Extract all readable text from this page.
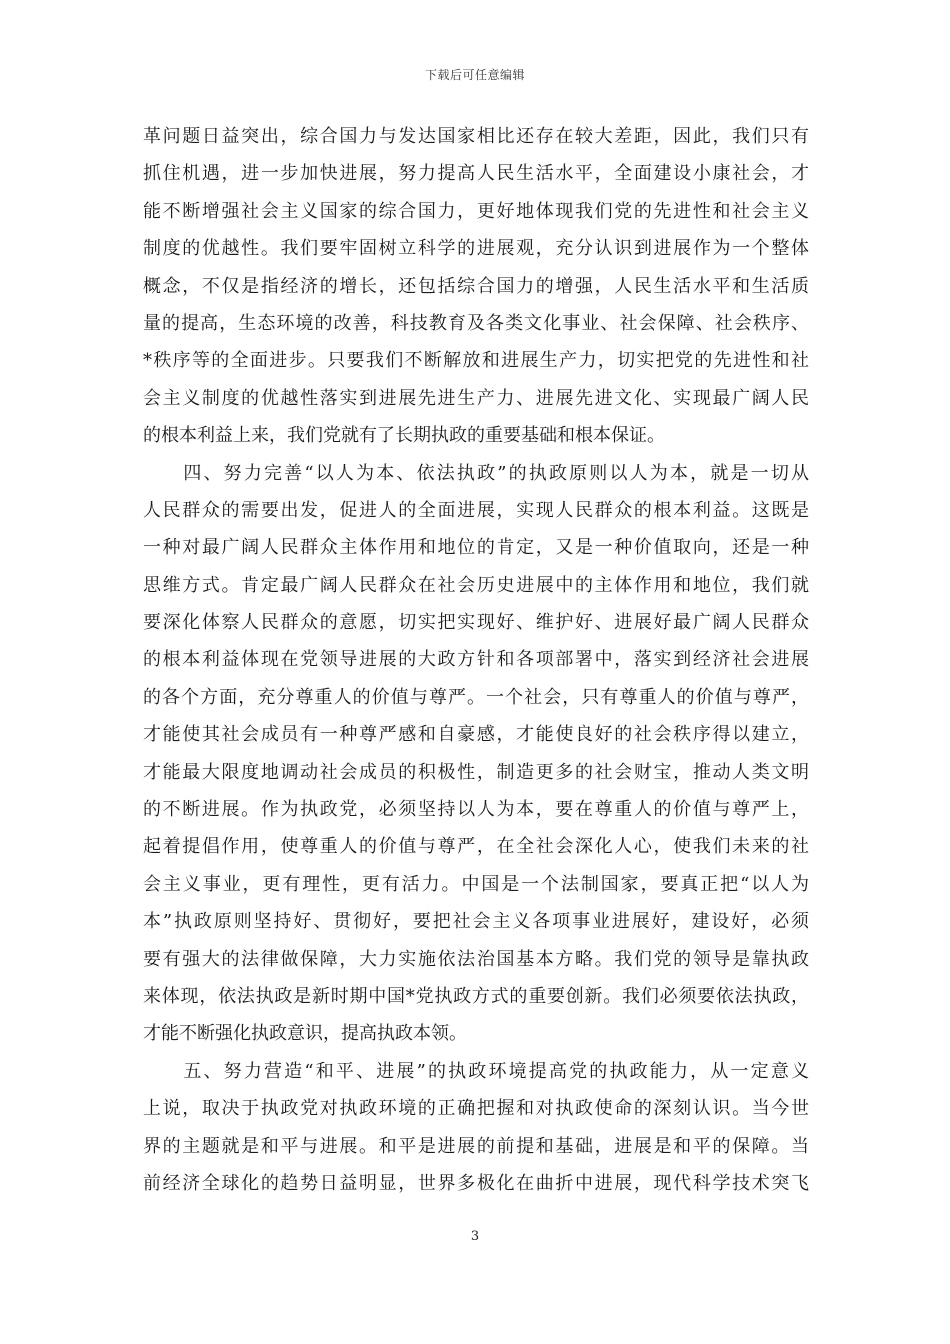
下载后可任意编辑
革问题日益突出，综合国力与发达国家相比还存在较大差距，因此，我们只有
抓住机遇，进一步加快进展，努力提高人民生活水平，全面建设小康社会，才
能不断增强社会主义国家的综合国力，更好地体现我们党的先进性和社会主义
制度的优越性。我们要牢固树立科学的进展观，充分认识到进展作为一个整体
概念，不仅是指经济的增长，还包括综合国力的增强，人民生活水平和生活质
量的提高，生态环境的改善，科技教育及各类文化事业、社会保障、社会秩序、
*秩序等的全面进步。只要我们不断解放和进展生产力，切实把党的先进性和社
会主义制度的优越性落实到进展先进生产力、进展先进文化、实现最广阔人民
的根本利益上来，我们党就有了长期执政的重要基础和根本保证。
　　四、努力完善“以人为本、依法执政”的执政原则以人为本，就是一切从
人民群众的需要出发，促进人的全面进展，实现人民群众的根本利益。这既是
一种对最广阔人民群众主体作用和地位的肯定，又是一种价值取向，还是一种
思维方式。肯定最广阔人民群众在社会历史进展中的主体作用和地位，我们就
要深化体察人民群众的意愿，切实把实现好、维护好、进展好最广阔人民群众
的根本利益体现在党领导进展的大政方针和各项部署中，落实到经济社会进展
的各个方面，充分尊重人的价值与尊严。一个社会，只有尊重人的价值与尊严，
才能使其社会成员有一种尊严感和自豪感，才能使良好的社会秩序得以建立，
才能最大限度地调动社会成员的积极性，制造更多的社会财宝，推动人类文明
的不断进展。作为执政党，必须坚持以人为本，要在尊重人的价值与尊严上，
起着提倡作用，使尊重人的价值与尊严，在全社会深化人心，使我们未来的社
会主义事业，更有理性，更有活力。中国是一个法制国家，要真正把“以人为
本”执政原则坚持好、贯彻好，要把社会主义各项事业进展好，建设好，必须
要有强大的法律做保障，大力实施依法治国基本方略。我们党的领导是靠执政
来体现，依法执政是新时期中国*党执政方式的重要创新。我们必须要依法执政，
才能不断强化执政意识，提高执政本领。
　　五、努力营造“和平、进展”的执政环境提高党的执政能力，从一定意义
上说，取决于执政党对执政环境的正确把握和对执政使命的深刻认识。当今世
界的主题就是和平与进展。和平是进展的前提和基础，进展是和平的保障。当
前经济全球化的趋势日益明显，世界多极化在曲折中进展，现代科学技术突飞
3
